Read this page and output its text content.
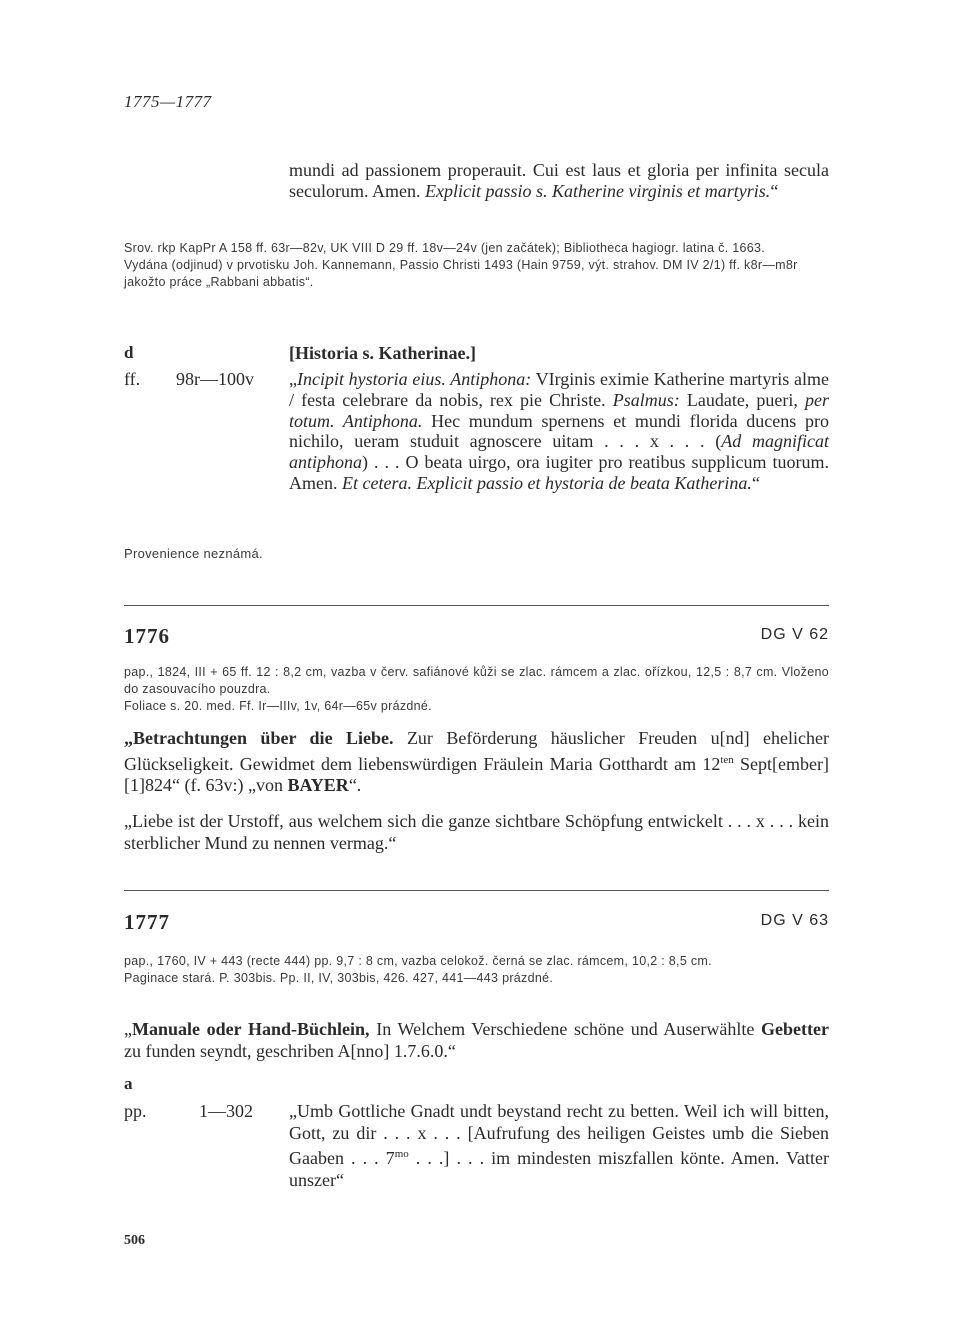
1775—1777
mundi ad passionem properauit. Cui est laus et gloria per infinita secula seculorum. Amen. Explicit passio s. Katherine virginis et martyris.“

Srov. rkp KapPr A 158 ff. 63r—82v, UK VIII D 29 ff. 18v—24v (jen začátek); Bibliotheca hagiogr. latina č. 1663.

Vydána (odjinud) v prvotisku Joh. Kannemann, Passio Christi 1493 (Hain 9759, výt. strahov. DM IV 2/1) ff. k8r—m8r jakožto práce „Rabbani abbatis“.

d	[Historia s. Katherinae.]
ff. 98r—100v „Incipit hystoria eius. Antiphona: VIrginis eximie Katherine martyris alme / festa celebrare da nobis, rex pie Christe. Psalmus: Laudate, pueri, per totum. Antiphona. Hec mundum spernens et mundi florida ducens pro nichilo, ueram studuit agnoscere uitam . . . x . . . (Ad magnificat antiphona) . . . O beata uirgo, ora iugiter pro reatibus supplicum tuorum. Amen. Et cetera. Explicit passio et hystoria de beata Katherina.“
Provenience neznámá.
1776	DG V 62

pap., 1824, III + 65 ff. 12 : 8,2 cm, vazba v červ. safiánové kůži se zlac. rámcem a zlac. ořízkou, 12,5 : 8,7 cm. Vloženo do zasouvacího pouzdra.

Foliace s. 20. med. Ff. Ir—IIIv, 1v, 64r—65v prázdné.

„Betrachtungen über die Liebe. Zur Beförderung häuslicher Freuden u[nd] ehelicher Glückseligkeit. Gewidmet dem liebenswürdigen Fräulein Maria Gotthardt am $12^{ten}$ Sept[ember] [1]824“ (f. 63v:) „von BAYER“.
„Liebe ist der Urstoff, aus welchem sich die ganze sichtbare Schöpfung entwickelt . . . x . . . kein sterblicher Mund zu nennen vermag.“
1777	DG V 63

pap., 1760, IV + 443 (recte 444) pp. 9,7 : 8 cm, vazba celokož. černá se zlac. rámcem, 10,2 : 8,5 cm.

Paginace stará. P. 303bis. Pp. II, IV, 303bis, 426. 427, 441—443 prázdné.

„Manuale oder Hand-Büchlein, In Welchem Verschiedene schöne und Auserwählte Gebetter zu funden seyndt, geschriben A[nno] 1.7.6.0.“
a
pp.	1—302 „Umb Gottliche Gnadt undt beystand recht zu betten. Weil ich will bitten, Gott, zu dir . . . x . . . [Aufrufung des heiligen Geistes umb die Sieben Gaaben . . . $7^{mo}$ . . .] . . . im mindesten miszfallen könte. Amen. Vatter unszer“
506
